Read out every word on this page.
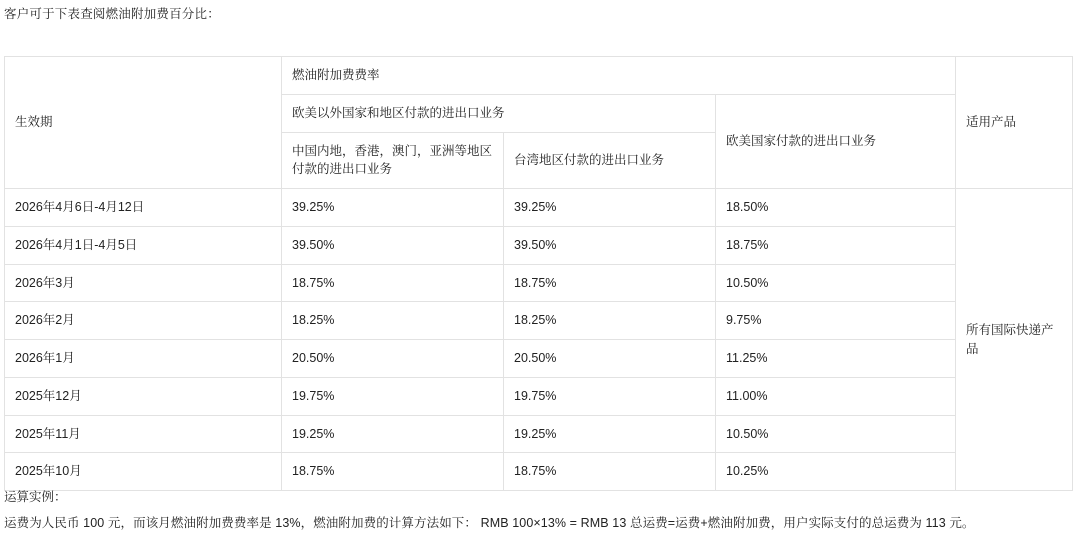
客户可于下表查阅燃油附加费百分比：
生效期	燃油附加费费率			适用产品
	欧美以外国家和地区付款的进出口业务		欧美国家付款的进出口业务	
	中国内地，香港，澳门，亚洲等地区付款的进出口业务	台湾地区付款的进出口业务		
2026年4月6日-4月12日	39.25%	39.25%	18.50%	所有国际快递产品
2026年4月1日-4月5日	39.50%	39.50%	18.75%	
2026年3月	18.75%	18.75%	10.50%	
2026年2月	18.25%	18.25%	9.75%	
2026年1月	20.50%	20.50%	11.25%	
2025年12月	19.75%	19.75%	11.00%	
2025年11月	19.25%	19.25%	10.50%	
2025年10月	18.75%	18.75%	10.25%	
运算实例：
运费为人民币 100 元，而该月燃油附加费费率是 13%，燃油附加费的计算方法如下： RMB 100×13% = RMB 13 总运费=运费+燃油附加费，用户实际支付的总运费为 113 元。
